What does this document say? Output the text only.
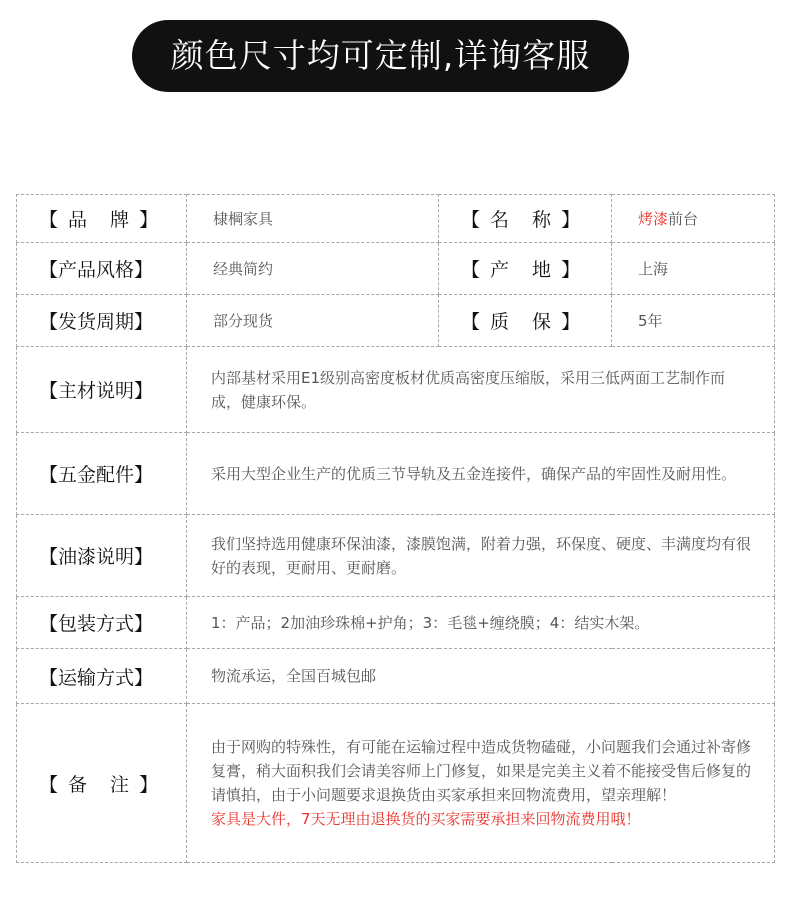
颜色尺寸均可定制,详询客服
【 品　牌 】	棣棡家具	【 名　称 】	烤漆前台
【产品风格】	经典简约	【 产　地 】	上海
【发货周期】	部分现货	【 质　保 】	5年
【主材说明】	内部基材采用E1级别高密度板材优质高密度压缩版，采用三低两面工艺制作而成，健康环保。		
【五金配件】	采用大型企业生产的优质三节导轨及五金连接件，确保产品的牢固性及耐用性。		
【油漆说明】	我们坚持选用健康环保油漆，漆膜饱满，附着力强，环保度、硬度、丰满度均有很好的表现，更耐用、更耐磨。		
【包装方式】	1：产品；2加油珍珠棉+护角；3：毛毯+缠绕膜；4：结实木架。		
【运输方式】	物流承运，全国百城包邮		
【 备　注 】	由于网购的特殊性，有可能在运输过程中造成货物磕碰，小问题我们会通过补寄修复膏，稍大面积我们会请美容师上门修复，如果是完美主义着不能接受售后修复的请慎拍，由于小问题要求退换货由买家承担来回物流费用，望亲理解！
家具是大件，7天无理由退换货的买家需要承担来回物流费用哦！		
